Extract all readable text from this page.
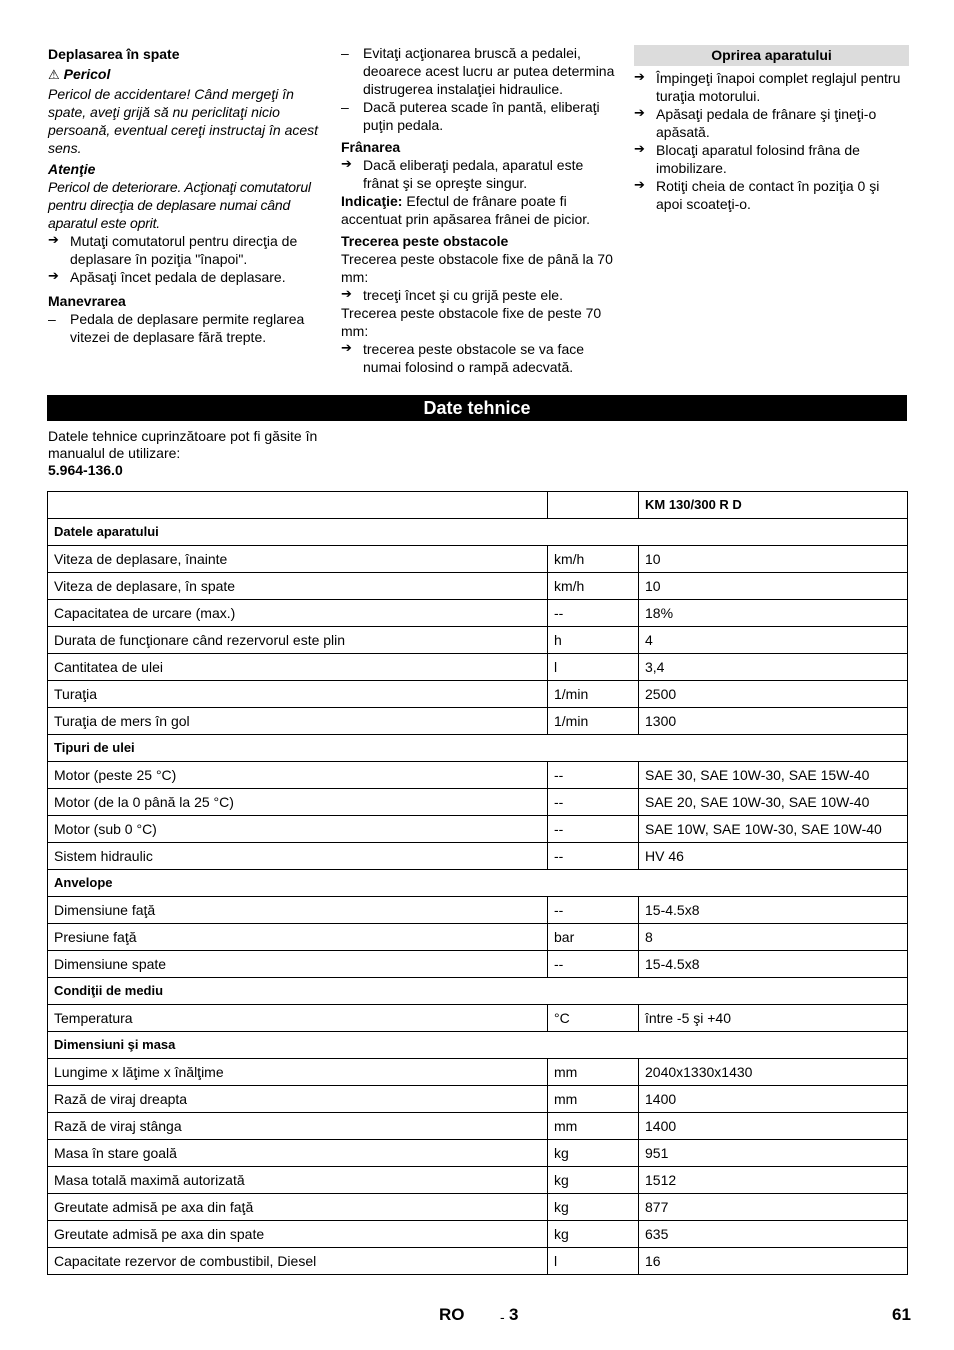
Deplasarea în spate

⚠ Pericol

Pericol de accidentare! Când mergeţi în spate, aveţi grijă să nu periclitaţi nicio persoană, eventual cereţi instructaj în acest sens.

Atenţie

Pericol de deteriorare. Acţionaţi comutatorul pentru direcţia de deplasare numai când aparatul este oprit.

➔ Mutaţi comutatorul pentru direcţia de deplasare în poziţia "înapoi".

➔ Apăsaţi încet pedala de deplasare.

Manevrarea

– Pedala de deplasare permite reglarea vitezei de deplasare fără trepte.

– Evitaţi acţionarea bruscă a pedalei, deoarece acest lucru ar putea determina distrugerea instalaţiei hidraulice.

– Dacă puterea scade în pantă, eliberaţi puţin pedala.

Frânarea

➔ Dacă eliberaţi pedala, aparatul este frânat şi se opreşte singur.

Indicaţie: Efectul de frânare poate fi accentuat prin apăsarea frânei de picior.

Trecerea peste obstacole

Trecerea peste obstacole fixe de până la 70 mm:

➔ treceţi încet şi cu grijă peste ele.

Trecerea peste obstacole fixe de peste 70 mm:

➔ trecerea peste obstacole se va face numai folosind o rampă adecvată.

Oprirea aparatului

➔ Împingeţi înapoi complet reglajul pentru turaţia motorului.

➔ Apăsaţi pedala de frânare şi ţineţi-o apăsată.

➔ Blocaţi aparatul folosind frâna de imobilizare.

➔ Rotiţi cheia de contact în poziţia 0 şi apoi scoateţi-o.

Date tehnice

Datele tehnice cuprinzătoare pot fi găsite în manualul de utilizare:

5.964-136.0

		KM 130/300 R D
Datele aparatului		
Viteza de deplasare, înainte	km/h	10
Viteza de deplasare, în spate	km/h	10
Capacitatea de urcare (max.)	--	18%
Durata de funcţionare când rezervorul este plin	h	4
Cantitatea de ulei	l	3,4
Turaţia	1/min	2500
Turaţia de mers în gol	1/min	1300
Tipuri de ulei		
Motor (peste 25 °C)	--	SAE 30, SAE 10W-30, SAE 15W-40
Motor (de la 0 până la 25 °C)	--	SAE 20, SAE 10W-30, SAE 10W-40
Motor (sub 0 °C)	--	SAE 10W, SAE 10W-30, SAE 10W-40
Sistem hidraulic	--	HV 46
Anvelope		
Dimensiune faţă	--	15-4.5x8
Presiune faţă	bar	8
Dimensiune spate	--	15-4.5x8
Condiţii de mediu		
Temperatura	°C	între -5 şi +40
Dimensiuni şi masa		
Lungime x lăţime x înălţime	mm	2040x1330x1430
Rază de viraj dreapta	mm	1400
Rază de viraj stânga	mm	1400
Masa în stare goală	kg	951
Masa totală maximă autorizată	kg	1512
Greutate admisă pe axa din faţă	kg	877
Greutate admisă pe axa din spate	kg	635
Capacitate rezervor de combustibil, Diesel	l	16
RO	- 3	61
